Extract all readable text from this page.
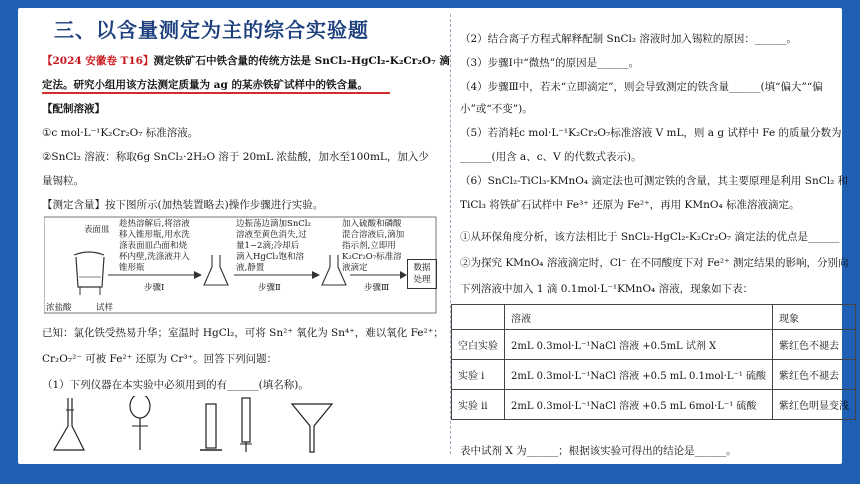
三、以含量测定为主的综合实验题
【2024 安徽卷 T16】测定铁矿石中铁含量的传统方法是 SnCl₂-HgCl₂-K₂Cr₂O₇ 滴
定法。研究小组用该方法测定质量为 ag 的某赤铁矿试样中的铁含量。
【配制溶液】
①c mol·L⁻¹K₂Cr₂O₇ 标准溶液。
②SnCl₂ 溶液：称取6g SnCl₂·2H₂O 溶于 20mL 浓盐酸，加水至100mL，加入少
量锡粒。
【测定含量】按下图所示(加热装置略去)操作步骤进行实验。
趁热溶解后,将溶液
移入锥形瓶,用水洗
涤表面皿凸面和烧
杯内壁,洗涤液并入
锥形瓶
边振荡边滴加SnCl₂
溶液至黄色消失,过
量1~2滴;冷却后
滴入HgCl₂饱和溶
液,静置
加入硫酸和磷酸
混合溶液后,滴加
指示剂,立即用
K₂Cr₂O₇标准溶
液滴定
步骤Ⅰ	步骤Ⅱ	步骤Ⅲ
表面皿
浓盐酸	试样
数据
处理
已知：氯化铁受热易升华；室温时 HgCl₂，可将 Sn²⁺ 氧化为 Sn⁴⁺，难以氧化 Fe²⁺；
Cr₂O₇²⁻ 可被 Fe²⁺ 还原为 Cr³⁺。回答下列问题：
（1）下列仪器在本实验中必须用到的有______(填名称)。
（2）结合离子方程式解释配制 SnCl₂ 溶液时加入锡粒的原因：______。
（3）步骤Ⅰ中“微热”的原因是______。
（4）步骤Ⅲ中，若未“立即滴定”，则会导致测定的铁含量______(填“偏大”“偏
小”或“不变”)。
（5）若消耗c mol·L⁻¹K₂Cr₂O₇标准溶液 V mL，则 a g 试样中 Fe 的质量分数为
______(用含 a、c、V 的代数式表示)。
（6）SnCl₂-TiCl₃-KMnO₄ 滴定法也可测定铁的含量，其主要原理是利用 SnCl₂ 和
TiCl₃ 将铁矿石试样中 Fe³⁺ 还原为 Fe²⁺，再用 KMnO₄ 标准溶液滴定。
①从环保角度分析，该方法相比于 SnCl₂-HgCl₂-K₂Cr₂O₇ 滴定法的优点是______
②为探究 KMnO₄ 溶液滴定时，Cl⁻ 在不同酸度下对 Fe²⁺ 测定结果的影响，分别向
下列溶液中加入 1 滴 0.1mol·L⁻¹KMnO₄ 溶液，现象如下表：
	溶液	现象
空白实验	2mL 0.3mol·L⁻¹NaCl 溶液 +0.5mL 试剂 X	紫红色不褪去
实验 ⅰ	2mL 0.3mol·L⁻¹NaCl 溶液 +0.5 mL 0.1mol·L⁻¹ 硫酸	紫红色不褪去
实验 ⅱ	2mL 0.3mol·L⁻¹NaCl 溶液 +0.5 mL 6mol·L⁻¹ 硫酸	紫红色明显变浅
表中试剂 X 为______；根据该实验可得出的结论是______。
